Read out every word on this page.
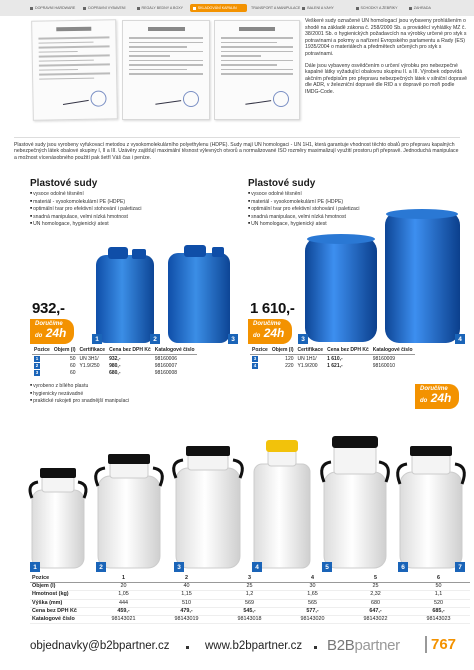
DOPRAVNÍ HARDWARE	DOPRAVNÍ VYBAVENÍ	REGÁLY BEDNY A BOXY	SKLADOVÁNÍ KAPALIN	TRANSPORT A MANIPULACE BALENÍ A VÁHY	SCHODKY A ŽEBŘÍKY	ZAHRADA

Veškeré sudy označené UN homologací jsou vybaveny prohlášením o shodě na základě zákona č. 258/2000 Sb. a prováděcí vyhlášky MZ č. 38/2001 Sb. o hygienických požadavcích na výrobky určené pro styk s potravinami a pokrmy a nařízení Evropského parlamentu a Rady (ES) 1935/2004 o materiálech a předmětech určených pro styk s potravinami.

Dále jsou vybaveny osvědčením o určení výrobku pro nebezpečné kapalné látky vyžadující obalovou skupinu II. a III. Výrobek odpovídá akčním předpisům pro přepravu nebezpečných látek v silniční dopravě dle ADR, v železniční dopravě dle RID a v dopravě po moři podle IMDG-Code.

Plastové sudy jsou vyrobeny vyfukovací metodou z vysokomolekulárního polyethylenu (HDPE). Sudy mají UN homologaci - UN 1H1, která garantuje vhodnost těchto obalů pro přepravu kapalných nebezpečných látek obalové skupiny I, II a III. Uzávěry zajišťují maximální těsnost výlevných otvorů a normalizované ISO rozměry maximalizují využití prostoru při přepravě. Jednoduchá manipulace a možnost vícenásobného použití pak šetří Váš čas i peníze.
Plastové sudy
■ vysoce odolné těsnění
■ materiál - vysokomolekulární PE (HDPE)
■ optimální tvar pro efektivní stohování i paletizaci
■ snadná manipulace, velmi nízká hmotnost
■ UN homologace, hygienický atest
1	2	3
932,-
Doručíme
do 24h
Pozice	Objem (l)	Certifikace	Cena bez DPH Kč	Katalogové číslo
1	50	UN 3H1/	932,-	98160006
2	60	Y1.9/250	980,-	98160007
3	60		680,-	98160008
■ vyrobeno z bílého plastu
■ hygienicky nezávadné
■ praktické rukojeti pro snadnější manipulaci
Plastové sudy
■ vysoce odolné těsnění
■ materiál - vysokomolekulární PE (HDPE)
■ optimální tvar pro efektivní stohování i paletizaci
■ snadná manipulace, velmi nízká hmotnost
■ UN homologace, hygienický atest
3	4
1 610,-
Doručíme
do 24h
Pozice	Objem (l)	Certifikace	Cena bez DPH Kč	Katalogové číslo
3	120	UN 1H1/	1 610,-	98160009
4	220	Y1.9/200	1 621,-	98160010
Doručíme
do 24h
1	2	3	4	5	6	7
Pozice	1	2	3	4	5	6
Objem (l)	20	40	25	30	25	50
Hmotnost (kg)	1,05	1,15	1,2	1,65	2,32	1,1
Výška (mm)	444	510	569	565	680	520
Cena bez DPH Kč	459,-	479,-	545,-	577,-	647,-	685,-
Katalogové číslo	98143021	98143019	98143018	98143020	98143022	98143023
objednavky@b2bpartner.cz	www.b2bpartner.cz B2Bpartner	767
